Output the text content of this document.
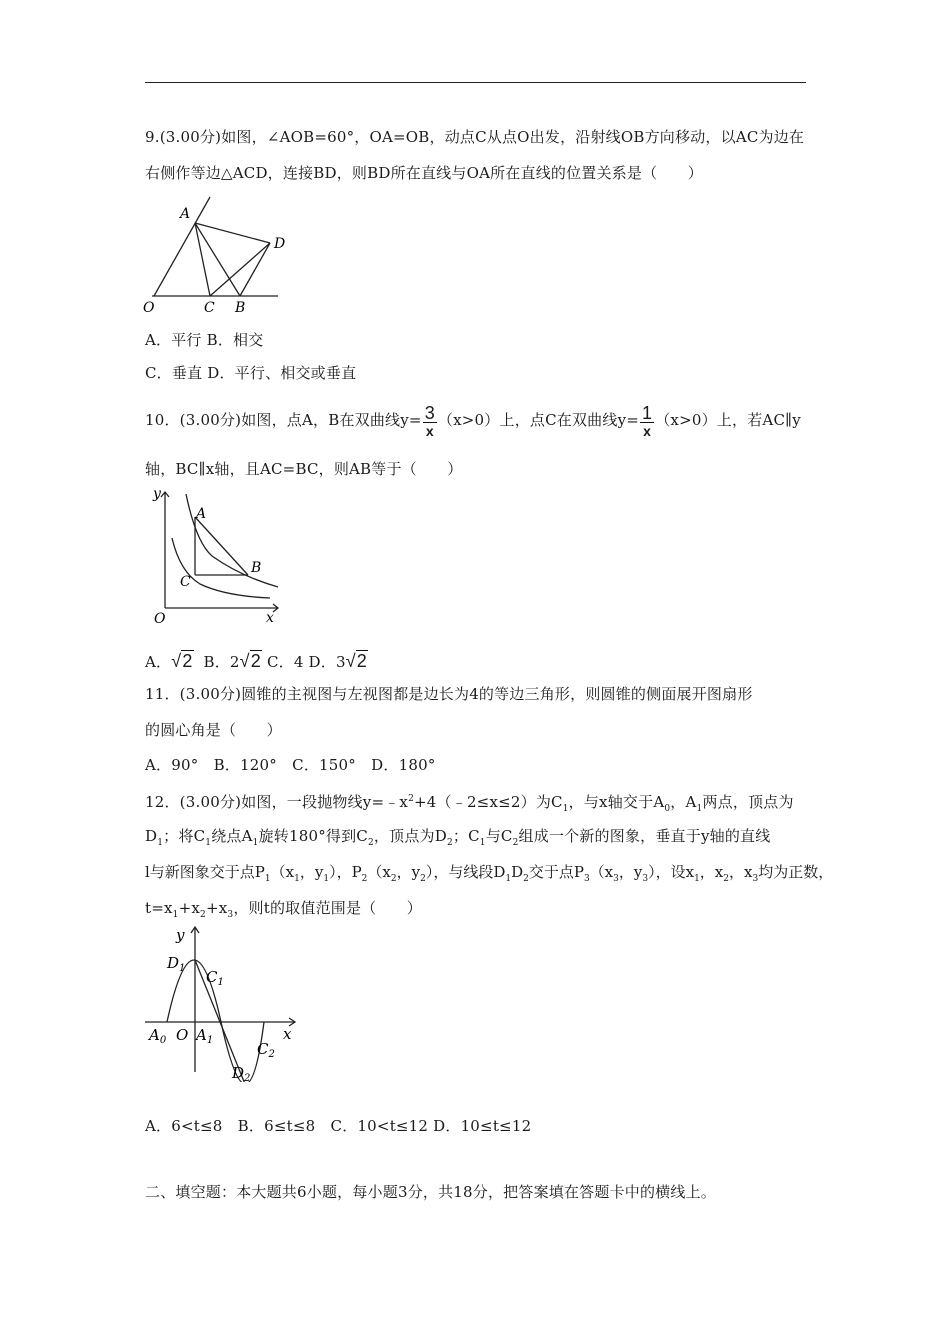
9.(3.00分)如图，∠AOB=60°，OA=OB，动点C从点O出发，沿射线OB方向移动，以AC为边在
右侧作等边△ACD，连接BD，则BD所在直线与OA所在直线的位置关系是（　　）
A
D
O	C B
A．平行 B．相交
C．垂直 D．平行、相交或垂直
10．(3.00分)如图，点A，B在双曲线$y= \frac{3}{x} (x>0)$上，点C在双曲线$y= \frac{1}{x} (x>0)$上，若AC∥y
轴，BC∥x轴，且AC=BC，则AB等于（　　）
y
x
O
A
B
C
A．√2 B．2√2 C．4 D．3√2
11．(3.00分)圆锥的主视图与左视图都是边长为4的等边三角形，则圆锥的侧面展开图扇形
的圆心角是（　　）
A．90°　B．120°　C．150°　D．180°
12．(3.00分)如图，一段抛物线$y=﹣x^2+4(﹣2\le x\le 2)$为$C_1$，与x轴交于$A_0$，$A_1$两点，顶点为
$D_1$；将$C_1$绕点$A_1$旋转180°得到$C_2$，顶点为$D_2$；$C_1$与$C_2$组成一个新的图象，垂直于y轴的直线
l与新图象交于点$P_1(x_1$，$y_1$），$P_2(x_2$，$y_2$），与线段$D_1D_2$交于点$P_3(x_3$，$y_3$），设$x_1$，$x_2$，$x_3$均为正数，
$t=x_1+x_2+x_3$，则t的取值范围是（　　）
y
x
$D_1$ $C_1$
$A_0$ O $A_1$	$C_2$
$D_2$
A．6<t≤8　B．6≤t≤8　C．10<t≤12 D．10≤t≤12
二、填空题：本大题共6小题，每小题3分，共18分，把答案填在答题卡中的横线上。
